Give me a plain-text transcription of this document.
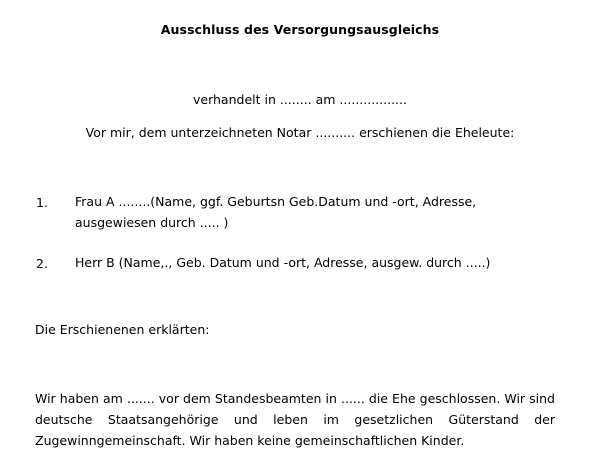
Ausschluss des Versorgungsausgleichs
verhandelt in ........ am .................
Vor mir, dem unterzeichneten Notar .......... erschienen die Eheleute:
1. Frau A ........(Name, ggf. Geburtsn Geb.Datum und -ort, Adresse, ausgewiesen durch ..... )
2. Herr B (Name,., Geb. Datum und -ort, Adresse, ausgew. durch .....)
Die Erschienenen erklärten:
Wir haben am ....... vor dem Standesbeamten in ...... die Ehe geschlossen. Wir sind deutsche Staatsangehörige und leben im gesetzlichen Güterstand der Zugewinngemeinschaft. Wir haben keine gemeinschaftlichen Kinder.
